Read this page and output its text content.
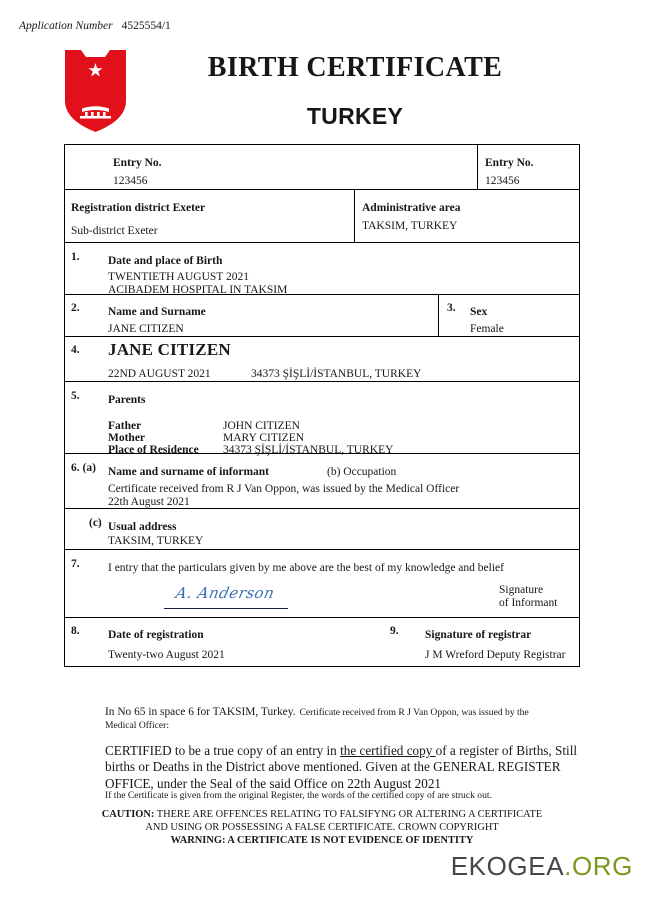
Application Number 4525554/1
BIRTH CERTIFICATE
TURKEY
Entry No.
123456
Entry No.
123456
Registration district Exeter
Sub-district Exeter
Administrative area
TAKSIM, TURKEY
1. Date and place of Birth
TWENTIETH AUGUST 2021
ACIBADEM HOSPITAL IN TAKSIM
2. Name and Surname
JANE CITIZEN
3. Sex
Female
4. JANE CITIZEN
22ND AUGUST 2021	34373 ŞİŞLİ/İSTANBUL, TURKEY
5. Parents
Father	JOHN CITIZEN
Mother	MARY CITIZEN
Place of Residence 34373 ŞİŞLİ/İSTANBUL, TURKEY
6. (a) Name and surname of informant	(b) Occupation
Certificate received from R J Van Oppon, was issued by the Medical Officer
22th August 2021
(c) Usual address
TAKSIM, TURKEY
7. I entry that the particulars given by me above are the best of my knowledge and belief
A. Anderson	Signature
of Informant
8. Date of registration
Twenty-two August 2021
9. Signature of registrar
J M Wreford Deputy Registrar
In No 65 in space 6 for TAKSIM, Turkey. Certificate received from R J Van Oppon, was issued by the
Medical Officer:
CERTIFIED to be a true copy of an entry in the certified copy of a register of Births, Still births or Deaths in the District above mentioned. Given at the GENERAL REGISTER OFFICE, under the Seal of the said Office on 22th August 2021
If the Certificate is given from the original Register, the words of the certified copy of are struck out.
CAUTION: THERE ARE OFFENCES RELATING TO FALSIFYNG OR ALTERING A CERTIFICATE
AND USING OR POSSESSING A FALSE CERTIFICATE. CROWN COPYRIGHT
WARNING: A CERTIFICATE IS NOT EVIDENCE OF IDENTITY
EKOGEA.ORG
